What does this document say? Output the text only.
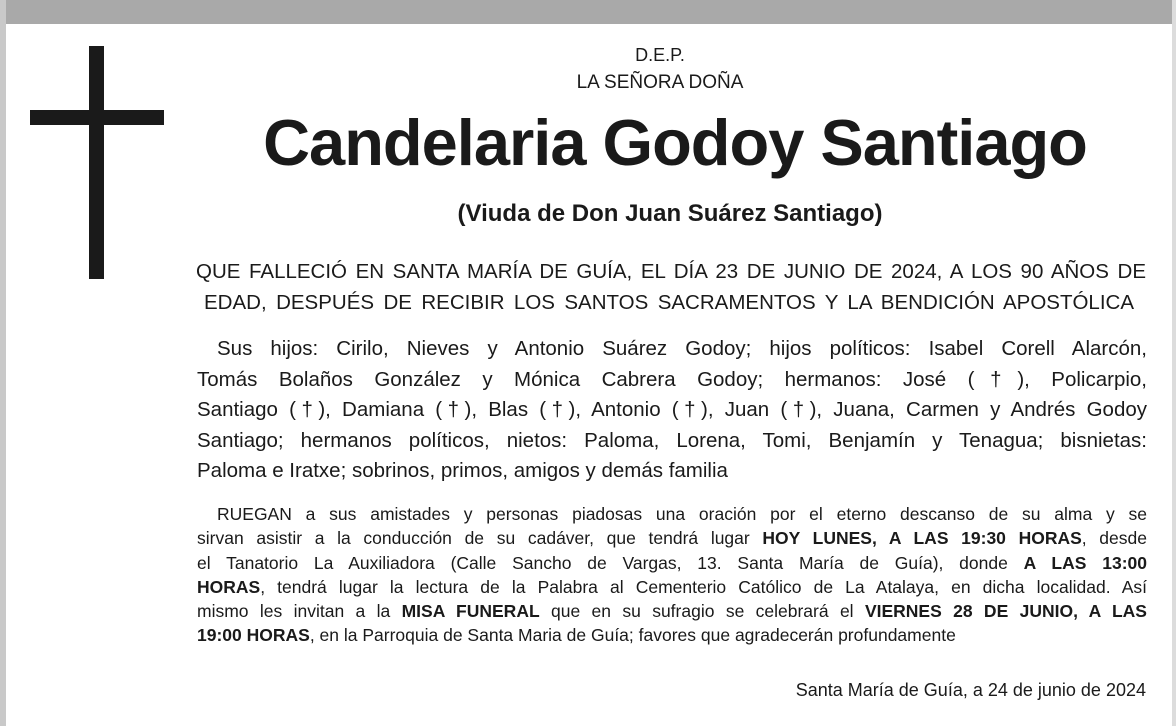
D.E.P.
LA SEÑORA DOÑA
Candelaria Godoy Santiago
(Viuda de Don Juan Suárez Santiago)
QUE FALLECIÓ EN SANTA MARÍA DE GUÍA, EL DÍA 23 DE JUNIO DE 2024, A LOS 90 AÑOS DE
EDAD, DESPUÉS DE RECIBIR LOS SANTOS SACRAMENTOS Y LA BENDICIÓN APOSTÓLICA
Sus hijos: Cirilo, Nieves y Antonio Suárez Godoy; hijos políticos: Isabel Corell Alarcón,
Tomás Bolaños González y Mónica Cabrera Godoy; hermanos: José (†), Policarpio,
Santiago (†), Damiana (†), Blas (†), Antonio (†), Juan (†), Juana, Carmen y Andrés Godoy
Santiago; hermanos políticos, nietos: Paloma, Lorena, Tomi, Benjamín y Tenagua; bisnietas:
Paloma e Iratxe; sobrinos, primos, amigos y demás familia
RUEGAN a sus amistades y personas piadosas una oración por el eterno descanso de su alma y se
sirvan asistir a la conducción de su cadáver, que tendrá lugar HOY LUNES, A LAS 19:30 HORAS, desde
el Tanatorio La Auxiliadora (Calle Sancho de Vargas, 13. Santa María de Guía), donde A LAS 13:00
HORAS, tendrá lugar la lectura de la Palabra al Cementerio Católico de La Atalaya, en dicha localidad. Así
mismo les invitan a la MISA FUNERAL que en su sufragio se celebrará el VIERNES 28 DE JUNIO, A LAS
19:00 HORAS, en la Parroquia de Santa Maria de Guía; favores que agradecerán profundamente
Santa María de Guía, a 24 de junio de 2024
